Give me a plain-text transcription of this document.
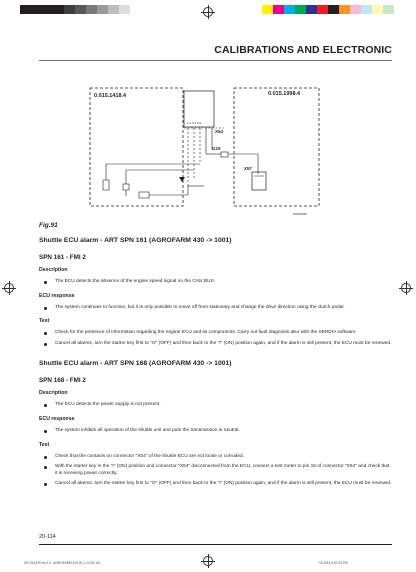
CALIBRATIONS AND ELECTRONIC
0.015.1418.4	0.015.1998.4
1 2 3 4 5 6
X54
G19
X57
D0046630
Fig.91
Shuttle ECU alarm - ART SPN 161 (AGROFARM 430 -> 1001)
SPN 161 - FMI 2
Description
The ECU detects the absence of the engine speed signal on the CAN BUS.
ECU response
The system continues to function, but it is only possible to move off from stationary and change the drive direction using the clutch pedal.
Test
Check for the presence of information regarding the engine ECU and its components. Carry out fault diagnosis also with the SERDIA software.
Cancel all alarms, turn the starter key first to "O" (OFF) and then back to the "I" (ON) position again, and if the alarm is still present, the ECU must be renewed.
Shuttle ECU alarm - ART SPN 168 (AGROFARM 430 -> 1001)
SPN 168 - FMI 2
Description
The ECU detects the power supply is not present.
ECU response
The system inhibits all operation of the shuttle unit and puts the transmission in neutral.
Test
Check that the contacts on connector "X54" of the shuttle ECU are not loose or corroded.
With the starter key in the "I" (ON) position and connector "X54" disconnected from the ECU, connect a test meter to pin 15 of connector "X54" and check that it is receiving power correctly.
Cancel all alarms, turn the starter key first to "O" (OFF) and then back to the "I" (ON) position again, and if the alarm is still present, the ECU must be renewed.
20-114
307.W.0270.en.0.0 - AGROFARM 410 20-1-14 20-114	7.8.2014 9:47:23 PM
